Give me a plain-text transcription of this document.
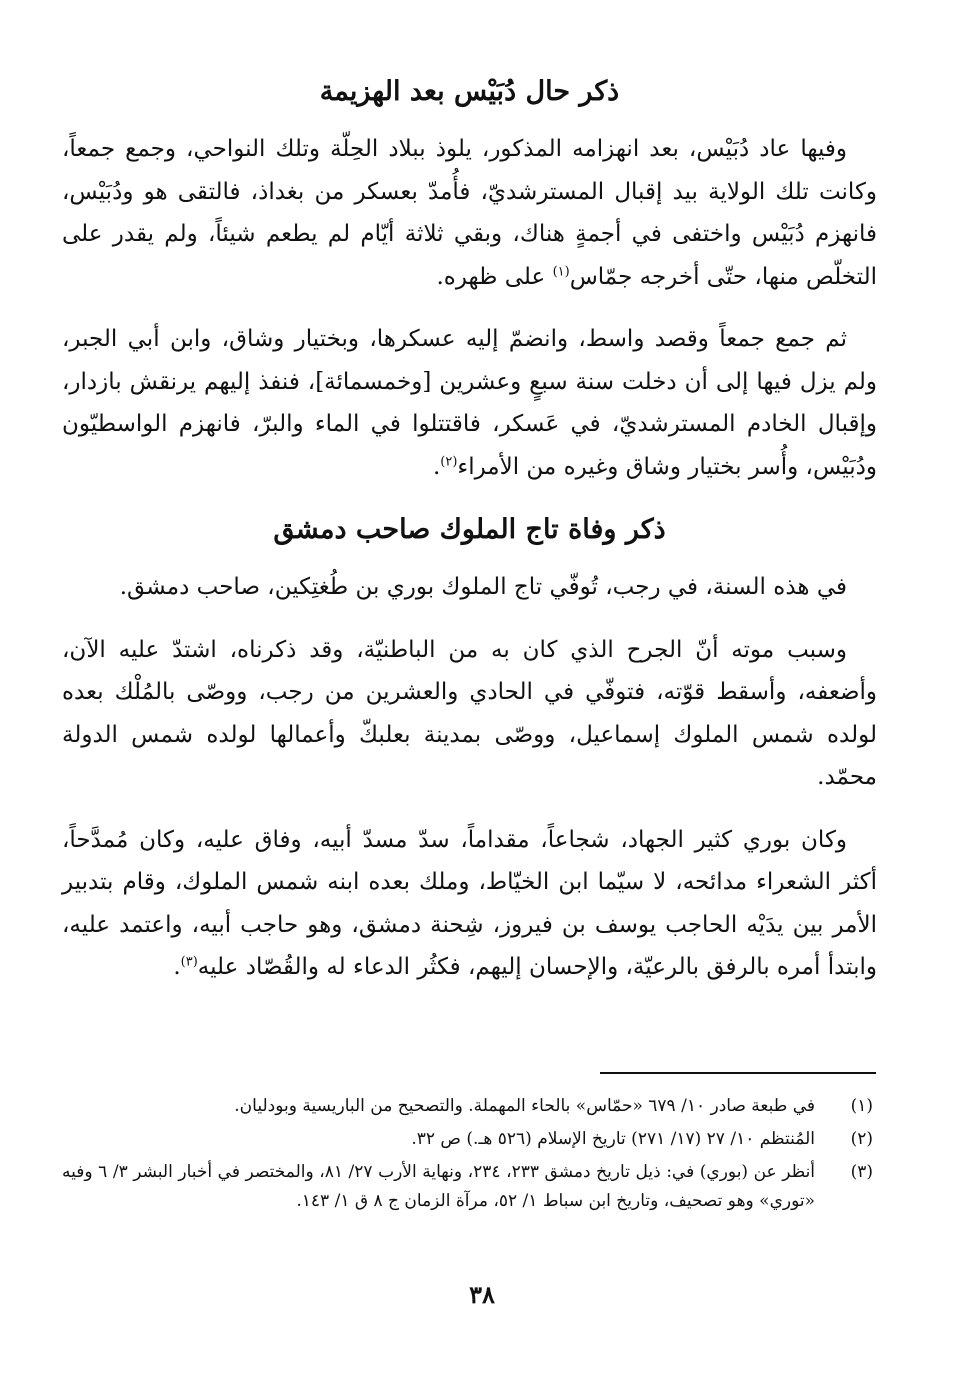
ذكر حال دُبَيْس بعد الهزيمة

وفيها عاد دُبَيْس، بعد انهزامه المذكور، يلوذ ببلاد الحِلّة وتلك النواحي، وجمع جمعاً، وكانت تلك الولاية بيد إقبال المسترشديّ، فأُمدّ بعسكر من بغداذ، فالتقى هو ودُبَيْس، فانهزم دُبَيْس واختفى في أجمةٍ هناك، وبقي ثلاثة أيّام لم يطعم شيئاً، ولم يقدر على التخلّص منها، حتّى أخرجه جمّاس$^{(١)}$ على ظهره.

ثم جمع جمعاً وقصد واسط، وانضمّ إليه عسكرها، وبختيار وشاق، وابن أبي الجبر، ولم يزل فيها إلى أن دخلت سنة سبعٍ وعشرين [وخمسمائة]، فنفذ إليهم يرنقش بازدار، وإقبال الخادم المسترشديّ، في عَسكر، فاقتتلوا في الماء والبرّ، فانهزم الواسطيّون ودُبَيْس، وأُسر بختيار وشاق وغيره من الأمراء$^{(٢)}$.

ذكر وفاة تاج الملوك صاحب دمشق

في هذه السنة، في رجب، تُوفّي تاج الملوك بوري بن طُغتِكين، صاحب دمشق.

وسبب موته أنّ الجرح الذي كان به من الباطنيّة، وقد ذكرناه، اشتدّ عليه الآن، وأضعفه، وأسقط قوّته، فتوفّي في الحادي والعشرين من رجب، ووصّى بالمُلْك بعده لولده شمس الملوك إسماعيل، ووصّى بمدينة بعلبكّ وأعمالها لولده شمس الدولة محمّد.

وكان بوري كثير الجهاد، شجاعاً، مقداماً، سدّ مسدّ أبيه، وفاق عليه، وكان مُمدَّحاً، أكثر الشعراء مدائحه، لا سيّما ابن الخيّاط، وملك بعده ابنه شمس الملوك، وقام بتدبير الأمر بين يدَيْه الحاجب يوسف بن فيروز، شِحنة دمشق، وهو حاجب أبيه، واعتمد عليه، وابتدأ أمره بالرفق بالرعيّة، والإحسان إليهم، فكثُر الدعاء له والقُصّاد عليه$^{(٣)}$.

(١)
في طبعة صادر ١٠/ ٦٧٩ «حمّاس» بالحاء المهملة. والتصحيح من الباريسية وبودليان.
(٢)
المُنتظم ١٠/ ٢٧ (١٧/ ٢٧١) تاريخ الإسلام (٥٢٦ هـ.) ص ٣٢.
(٣)
أنظر عن (بوري) في: ذيل تاريخ دمشق ٢٣٣، ٢٣٤، ونهاية الأرب ٢٧/ ٨١، والمختصر في أخبار البشر ٣/ ٦ وفيه «توري» وهو تصحيف، وتاريخ ابن سباط ١/ ٥٢، مرآة الزمان ج ٨ ق ١/ ١٤٣.
٣٨
